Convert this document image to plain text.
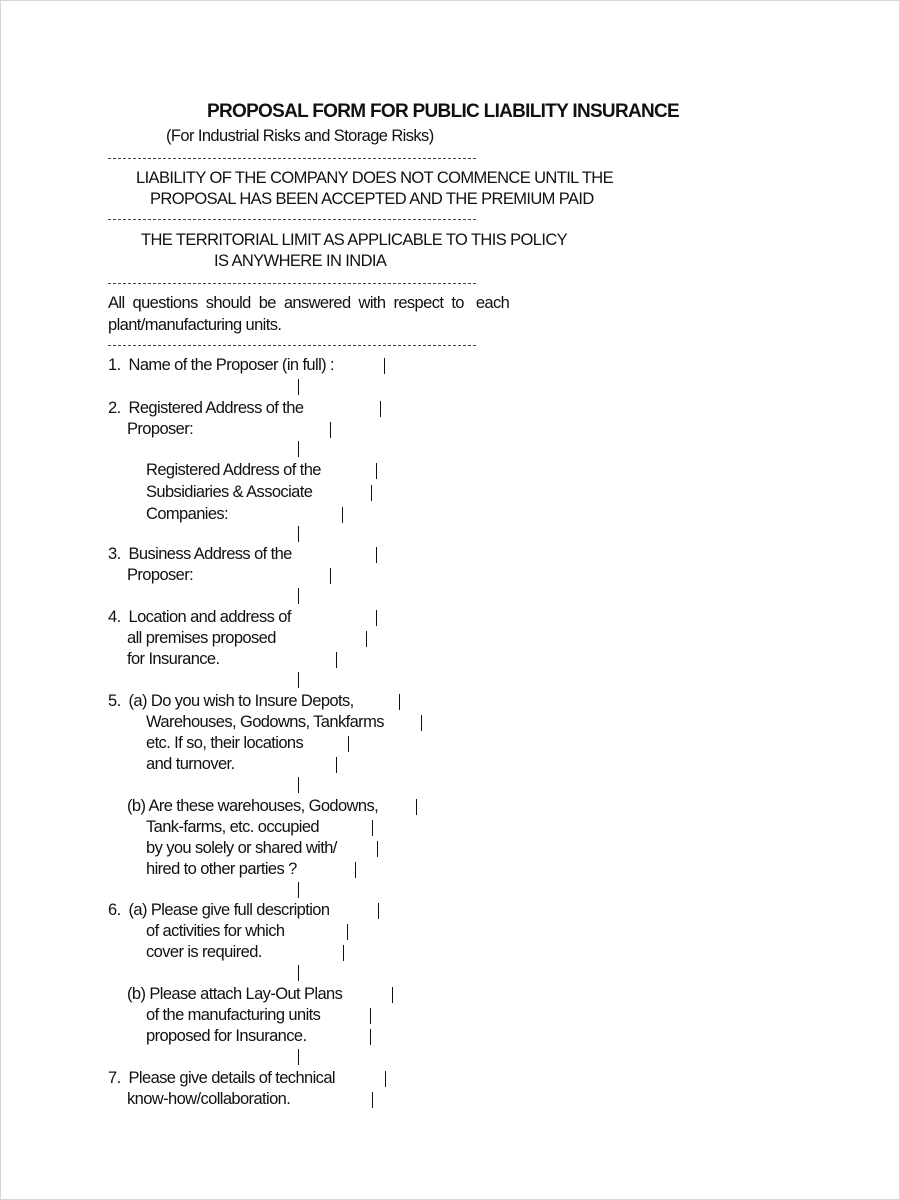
PROPOSAL FORM FOR PUBLIC LIABILITY INSURANCE
(For Industrial Risks and Storage Risks)
LIABILITY OF THE COMPANY DOES NOT COMMENCE UNTIL THE
PROPOSAL HAS BEEN ACCEPTED AND THE PREMIUM PAID
THE TERRITORIAL LIMIT AS APPLICABLE TO THIS POLICY
IS ANYWHERE IN INDIA
All  questions  should  be  answered  with  respect  to   each
plant/manufacturing units.
1.  Name of the Proposer (in full) :
2.  Registered Address of the
Proposer:
Registered Address of the
Subsidiaries & Associate
Companies:
3.  Business Address of the
Proposer:
4.  Location and address of
all premises proposed
for Insurance.
5.  (a) Do you wish to Insure Depots,
Warehouses, Godowns, Tankfarms
etc. If so, their locations
and turnover.
(b) Are these warehouses, Godowns,
Tank-farms, etc. occupied
by you solely or shared with/
hired to other parties ?
6.  (a) Please give full description
of activities for which
cover is required.
(b) Please attach Lay-Out Plans
of the manufacturing units
proposed for Insurance.
7.  Please give details of technical
know-how/collaboration.
